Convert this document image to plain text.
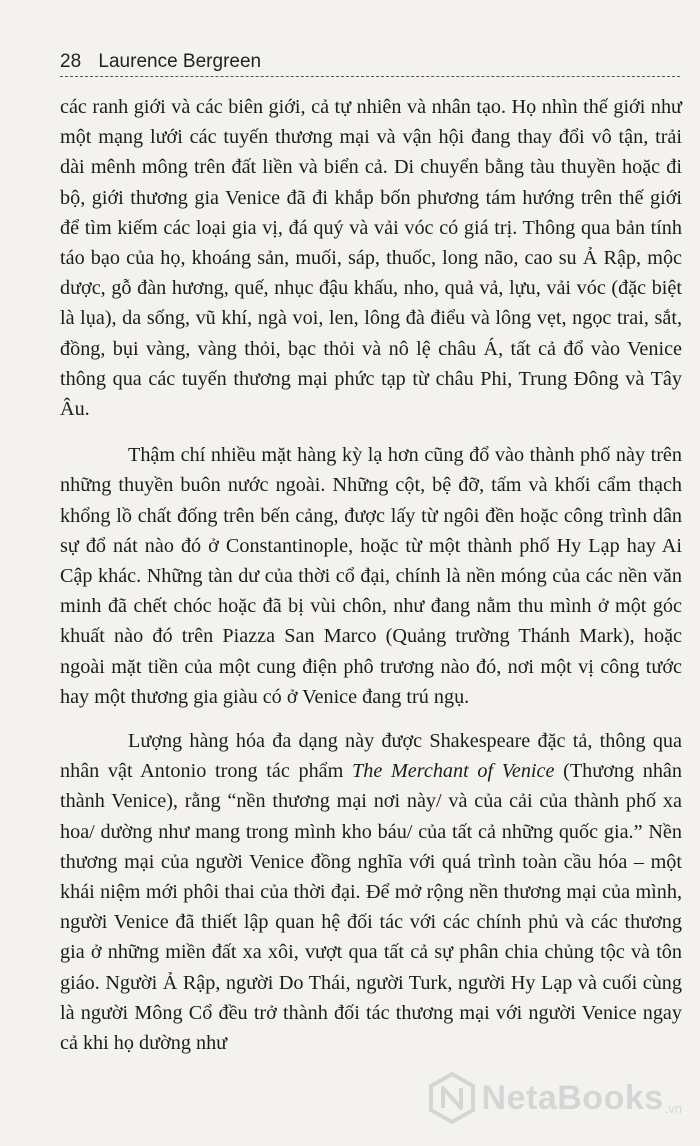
28 Laurence Bergreen

các ranh giới và các biên giới, cả tự nhiên và nhân tạo. Họ nhìn thế giới như một mạng lưới các tuyến thương mại và vận hội đang thay đổi vô tận, trải dài mênh mông trên đất liền và biển cả. Di chuyển bằng tàu thuyền hoặc đi bộ, giới thương gia Venice đã đi khắp bốn phương tám hướng trên thế giới để tìm kiếm các loại gia vị, đá quý và vải vóc có giá trị. Thông qua bản tính táo bạo của họ, khoáng sản, muối, sáp, thuốc, long não, cao su Ả Rập, mộc dược, gỗ đàn hương, quế, nhục đậu khấu, nho, quả vả, lựu, vải vóc (đặc biệt là lụa), da sống, vũ khí, ngà voi, len, lông đà điểu và lông vẹt, ngọc trai, sắt, đồng, bụi vàng, vàng thỏi, bạc thỏi và nô lệ châu Á, tất cả đổ vào Venice thông qua các tuyến thương mại phức tạp từ châu Phi, Trung Đông và Tây Âu.

Thậm chí nhiều mặt hàng kỳ lạ hơn cũng đổ vào thành phố này trên những thuyền buôn nước ngoài. Những cột, bệ đỡ, tấm và khối cẩm thạch khổng lồ chất đống trên bến cảng, được lấy từ ngôi đền hoặc công trình dân sự đổ nát nào đó ở Constantinople, hoặc từ một thành phố Hy Lạp hay Ai Cập khác. Những tàn dư của thời cổ đại, chính là nền móng của các nền văn minh đã chết chóc hoặc đã bị vùi chôn, như đang nằm thu mình ở một góc khuất nào đó trên Piazza San Marco (Quảng trường Thánh Mark), hoặc ngoài mặt tiền của một cung điện phô trương nào đó, nơi một vị công tước hay một thương gia giàu có ở Venice đang trú ngụ.

Lượng hàng hóa đa dạng này được Shakespeare đặc tả, thông qua nhân vật Antonio trong tác phẩm The Merchant of Venice (Thương nhân thành Venice), rằng “nền thương mại nơi này/ và của cải của thành phố xa hoa/ dường như mang trong mình kho báu/ của tất cả những quốc gia.” Nền thương mại của người Venice đồng nghĩa với quá trình toàn cầu hóa – một khái niệm mới phôi thai của thời đại. Để mở rộng nền thương mại của mình, người Venice đã thiết lập quan hệ đối tác với các chính phủ và các thương gia ở những miền đất xa xôi, vượt qua tất cả sự phân chia chủng tộc và tôn giáo. Người Ả Rập, người Do Thái, người Turk, người Hy Lạp và cuối cùng là người Mông Cổ đều trở thành đối tác thương mại với người Venice ngay cả khi họ dường như

NetaBooks .vn
